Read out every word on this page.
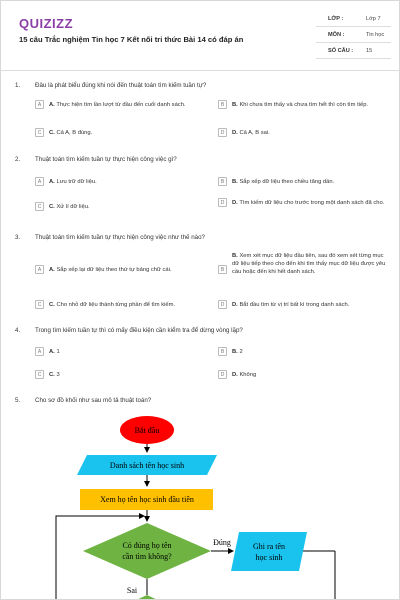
QUIZIZZ
15 câu Trắc nghiệm Tin học 7 Kết nối tri thức Bài 14 có đáp án
LỚP :	Lớp 7
MÔN :	Tin học
SỐ CÂU : 15
1. Đâu là phát biểu đúng khi nói đến thuật toán tìm kiếm tuần tự?
A	A. Thực hiện tìm lần lượt từ đầu đến cuối danh sách.	B	B. Khi chưa tìm thấy và chưa tìm hết thì còn tìm tiếp.
C	C. Cả A, B đúng.	D	D. Cả A, B sai.
2. Thuật toán tìm kiếm tuần tự thực hiện công việc gì?
A	A. Lưu trữ dữ liệu.	B	B. Sắp xếp dữ liệu theo chiều tăng dần.
C	C. Xử lí dữ liệu.
D	D. Tìm kiếm dữ liệu cho trước trong một danh sách đã cho.
3. Thuật toán tìm kiếm tuần tự thực hiện công việc như thế nào?
A	A. Sắp xếp lại dữ liệu theo thứ tự bảng chữ cái.	B
B. Xem xét mục dữ liệu đầu tiên, sau đó xem xét từng mục dữ liệu tiếp theo cho đến khi tìm thấy mục dữ liệu được yêu cầu hoặc đến khi hết danh sách.
C	C. Cho nhỏ dữ liệu thành từng phần để tìm kiếm.	D	D. Bắt đầu tìm từ vị trí bất kì trong danh sách.
4. Trong tìm kiếm tuần tự thì có mấy điều kiện cần kiểm tra để dừng vòng lặp?
A	A. 1	B	B. 2
C	C. 3	D	D. Không
5. Cho sơ đồ khối như sau mô tả thuật toán?
Bắt đầu
Danh sách tên học sinh
Xem họ tên học sinh đầu tiên
Có đúng họ tên
cần tìm không?
Đúng	Ghi ra tên
học sinh
Sai
